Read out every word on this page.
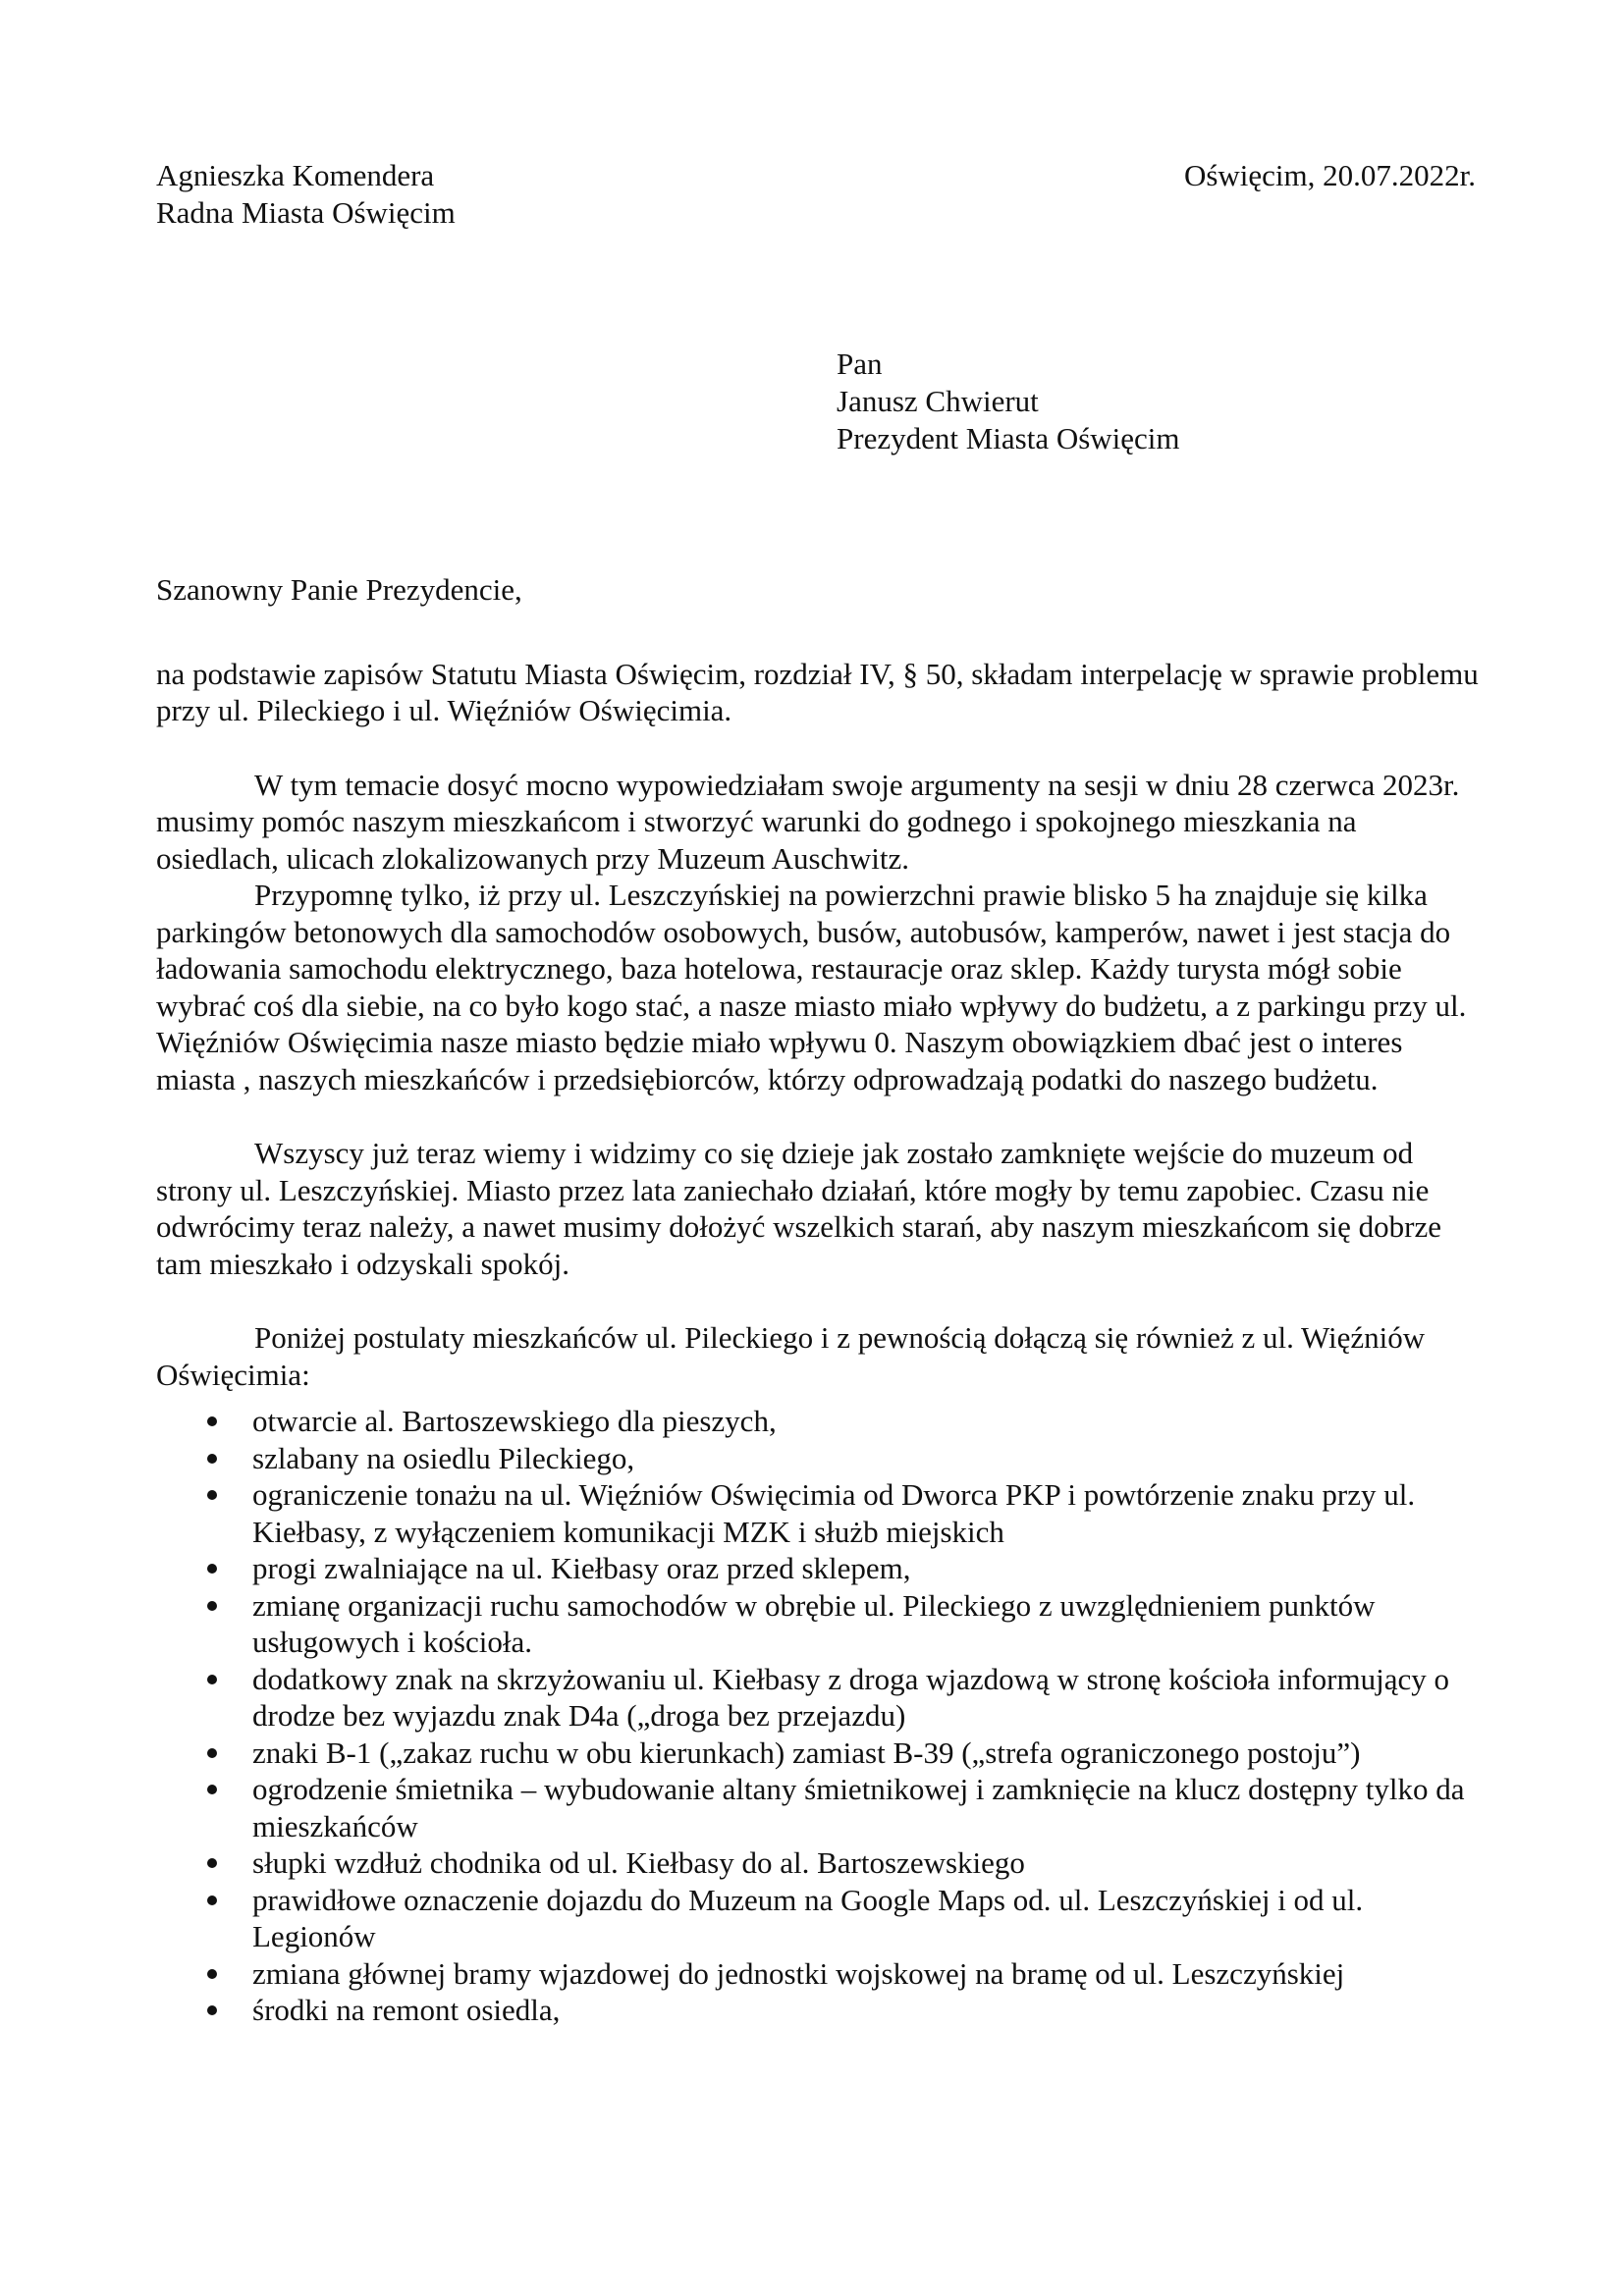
Agnieszka Komendera
Radna Miasta Oświęcim
Oświęcim, 20.07.2022r.
Pan
Janusz Chwierut
Prezydent Miasta Oświęcim

Szanowny Panie Prezydencie,

na podstawie zapisów Statutu Miasta Oświęcim, rozdział IV, § 50, składam interpelację w sprawie problemu przy ul. Pileckiego i ul. Więźniów Oświęcimia.

W tym temacie dosyć mocno wypowiedziałam swoje argumenty na sesji w dniu 28 czerwca 2023r. musimy pomóc naszym mieszkańcom i stworzyć warunki do godnego i spokojnego mieszkania na osiedlach, ulicach zlokalizowanych przy Muzeum Auschwitz.

Przypomnę tylko, iż przy ul. Leszczyńskiej na powierzchni prawie blisko 5 ha znajduje się kilka parkingów betonowych dla samochodów osobowych, busów, autobusów, kamperów, nawet i jest stacja do ładowania samochodu elektrycznego, baza hotelowa, restauracje oraz sklep. Każdy turysta mógł sobie wybrać coś dla siebie, na co było kogo stać, a nasze miasto miało wpływy do budżetu, a z parkingu przy ul. Więźniów Oświęcimia nasze miasto będzie miało wpływu 0. Naszym obowiązkiem dbać jest o interes miasta , naszych mieszkańców i przedsiębiorców, którzy odprowadzają podatki do naszego budżetu.

Wszyscy już teraz wiemy i widzimy co się dzieje jak zostało zamknięte wejście do muzeum od strony ul. Leszczyńskiej. Miasto przez lata zaniechało działań, które mogły by temu zapobiec. Czasu nie odwrócimy teraz należy, a nawet musimy dołożyć wszelkich starań, aby naszym mieszkańcom się dobrze tam mieszkało i odzyskali spokój.

Poniżej postulaty mieszkańców ul. Pileckiego i z pewnością dołączą się również z ul. Więźniów Oświęcimia:

otwarcie al. Bartoszewskiego dla pieszych,
szlabany na osiedlu Pileckiego,
ograniczenie tonażu na ul. Więźniów Oświęcimia od Dworca PKP i powtórzenie znaku przy ul. Kiełbasy, z wyłączeniem komunikacji MZK i służb miejskich
progi zwalniające na ul. Kiełbasy oraz przed sklepem,
zmianę organizacji ruchu samochodów w obrębie ul. Pileckiego z uwzględnieniem punktów usługowych i kościoła.
dodatkowy znak na skrzyżowaniu ul. Kiełbasy z droga wjazdową w stronę kościoła informujący o drodze bez wyjazdu znak D4a („droga bez przejazdu)
znaki B-1 („zakaz ruchu w obu kierunkach) zamiast B-39 („strefa ograniczonego postoju”)
ogrodzenie śmietnika – wybudowanie altany śmietnikowej i zamknięcie na klucz dostępny tylko da mieszkańców
słupki wzdłuż chodnika od ul. Kiełbasy do al. Bartoszewskiego
prawidłowe oznaczenie dojazdu do Muzeum na Google Maps od. ul. Leszczyńskiej i od ul. Legionów
zmiana głównej bramy wjazdowej do jednostki wojskowej na bramę od ul. Leszczyńskiej
środki na remont osiedla,
